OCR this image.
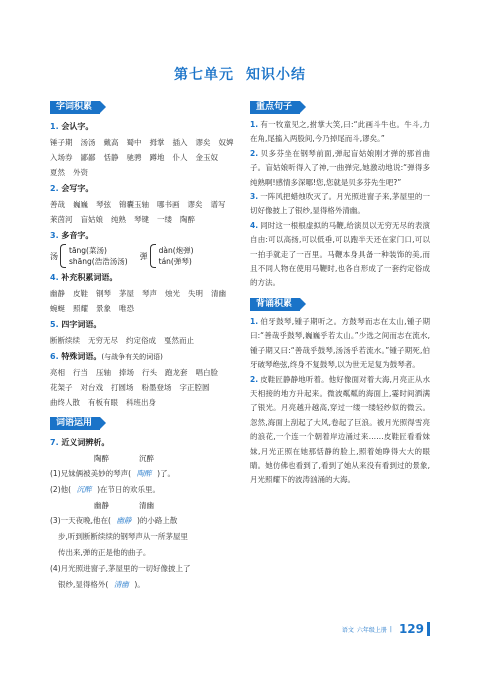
第七单元 知识小结
字词积累
1. 会认字。
锤子期 汤汤 戴高 蜀中 拇掌 插入 谬矣 奴婢入场券 鄙鄙 恬静 驰骋 蹲地 仆人 金玉奴夏然 外资
2. 会写字。
善哉 巍巍 琴弦 锦囊玉轴 哪书画 谬矣 谱写莱茵河 盲姑娘 纯熟 琴键 一缕 陶醉
3. 多音字。
汤
tāng(菜汤)
shāng(浩浩汤汤)
弹
dàn(炮弹)
tán(弹琴)
4. 补充积累词语。
幽静 皮鞋 钢琴 茅屋 琴声 烛光 失明 清幽蜿蜒 照耀 景象 唯恐
5. 四字词语。
断断续续 无穷无尽 约定俗成 戛然而止
6. 特殊词语。(与战争有关的词语)
亮相 行当 压轴 捧场 行头 跑龙套 唱白脸花架子 对台戏 打圆场 粉墨登场 字正腔圆曲终人散 有板有眼 科班出身
词语运用
7. 近义词辨析。
陶醉	沉醉
(1)兄妹俩被美妙的琴声( 陶醉 )了。
(2)他( 沉醉 )在节日的欢乐里。
幽静	清幽
(3)一天夜晚,他在( 幽静 )的小路上散
步,听到断断续续的钢琴声从一所茅屋里
传出来,弹的正是他的曲子。
(4)月光照进窗子,茅屋里的一切好像披上了
银纱,显得格外( 清幽 )。
重点句子
1. 有一牧童见之,拊掌大笑,曰:“此画斗牛也。牛斗,力在角,尾搐入两股间,今乃掉尾而斗,谬矣。”
2. 贝多芬坐在钢琴前面,弹起盲姑娘刚才弹的那首曲子。盲姑娘听得入了神,一曲弹完,她激动地说:“弹得多纯熟啊!感情多深哪!您,您就是贝多芬先生吧?”
3. 一阵风把蜡烛吹灭了。月光照进窗子来,茅屋里的一切好像披上了银纱,显得格外清幽。
4. 同时这一根根虚拟的马鞭,给演员以无穷无尽的表演自由:可以高扬,可以低垂,可以跑半天还在家门口,可以一拍手就走了一百里。马鞭本身具备一种装饰的美,而且不同人物在使用马鞭时,也各自形成了一套约定俗成的方法。
背诵积累
1. 伯牙鼓琴,锺子期听之。方鼓琴而志在太山,锺子期曰:“善哉乎鼓琴,巍巍乎若太山。”少选之间而志在流水,锺子期又曰:“善哉乎鼓琴,汤汤乎若流水。”锺子期死,伯牙破琴绝弦,终身不复鼓琴,以为世无足复为鼓琴者。
2. 皮鞋匠静静地听着。他好像面对着大海,月亮正从水天相接的地方升起来。微波粼粼的海面上,霎时间洒满了银光。月亮越升越高,穿过一缕一缕轻纱似的微云。忽然,海面上刮起了大风,卷起了巨浪。被月光照得雪亮的浪花,一个连一个朝着岸边涌过来……皮鞋匠看看妹妹,月光正照在她那恬静的脸上,照着她睁得大大的眼睛。她仿佛也看到了,看到了她从来没有看到过的景象,月光照耀下的波涛汹涌的大海。
语文 六年级上册 | 129
